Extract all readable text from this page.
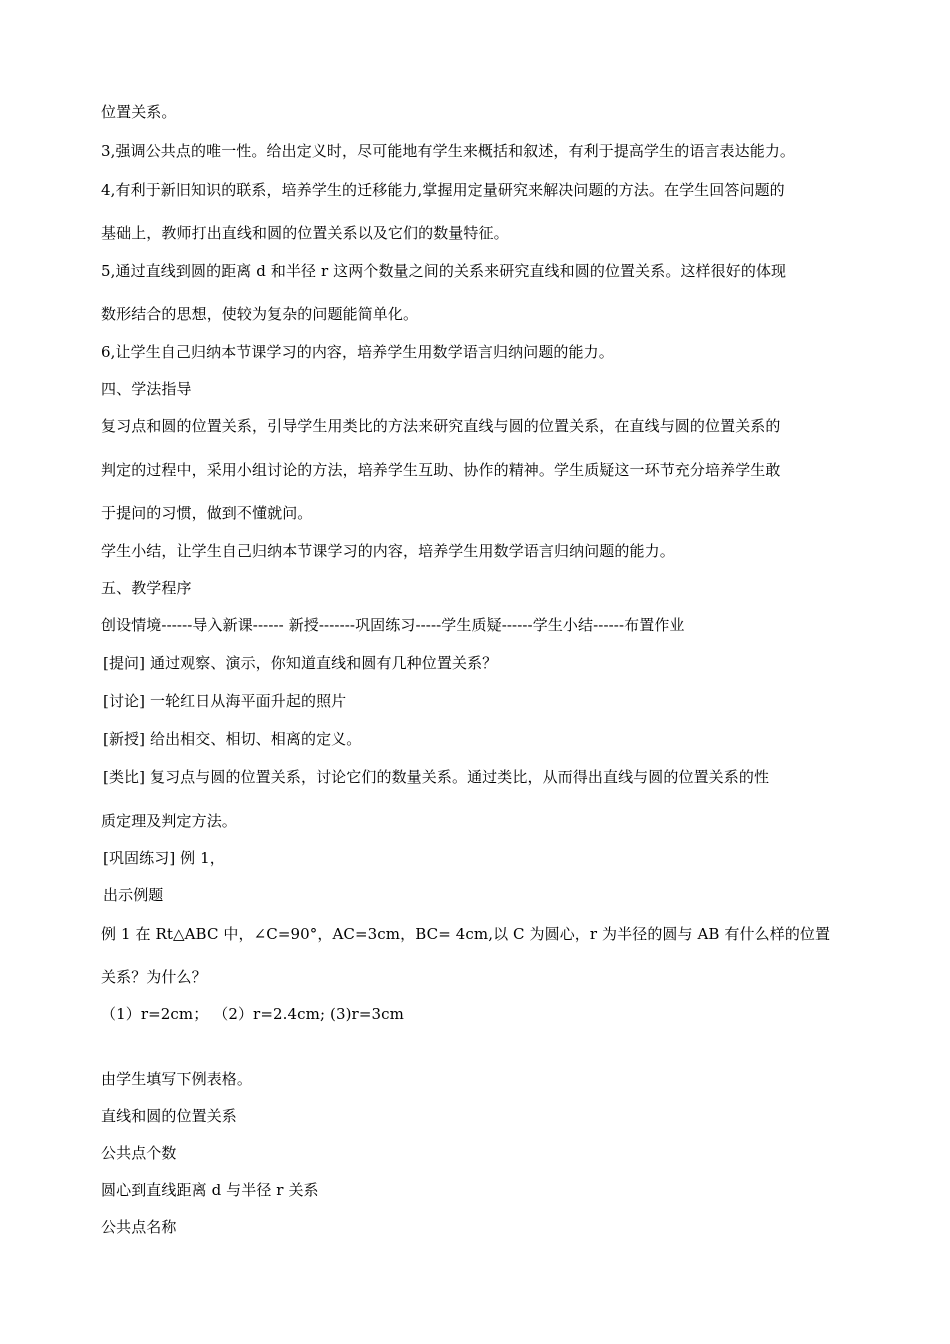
位置关系。
3,强调公共点的唯一性。给出定义时，尽可能地有学生来概括和叙述，有利于提高学生的语言表达能力。
4,有利于新旧知识的联系，培养学生的迁移能力,掌握用定量研究来解决问题的方法。在学生回答问题的
基础上，教师打出直线和圆的位置关系以及它们的数量特征。
5,通过直线到圆的距离 d 和半径 r 这两个数量之间的关系来研究直线和圆的位置关系。这样很好的体现
数形结合的思想，使较为复杂的问题能简单化。
6,让学生自己归纳本节课学习的内容，培养学生用数学语言归纳问题的能力。
四、学法指导
复习点和圆的位置关系，引导学生用类比的方法来研究直线与圆的位置关系，在直线与圆的位置关系的
判定的过程中，采用小组讨论的方法，培养学生互助、协作的精神。学生质疑这一环节充分培养学生敢
于提问的习惯，做到不懂就问。
学生小结，让学生自己归纳本节课学习的内容，培养学生用数学语言归纳问题的能力。
五、教学程序
创设情境------导入新课------ 新授-------巩固练习-----学生质疑------学生小结------布置作业
[提问] 通过观察、演示，你知道直线和圆有几种位置关系？
[讨论] 一轮红日从海平面升起的照片
[新授] 给出相交、相切、相离的定义。
[类比] 复习点与圆的位置关系，讨论它们的数量关系。通过类比，从而得出直线与圆的位置关系的性
质定理及判定方法。
[巩固练习] 例 1，
出示例题
例 1 在 Rt△ABC 中，∠C=90°，AC=3cm，BC= 4cm,以 C 为圆心，r 为半径的圆与 AB 有什么样的位置
关系？为什么？
（1）r=2cm； （2）r=2.4cm; (3)r=3cm
由学生填写下例表格。
直线和圆的位置关系
公共点个数
圆心到直线距离 d 与半径 r 关系
公共点名称
